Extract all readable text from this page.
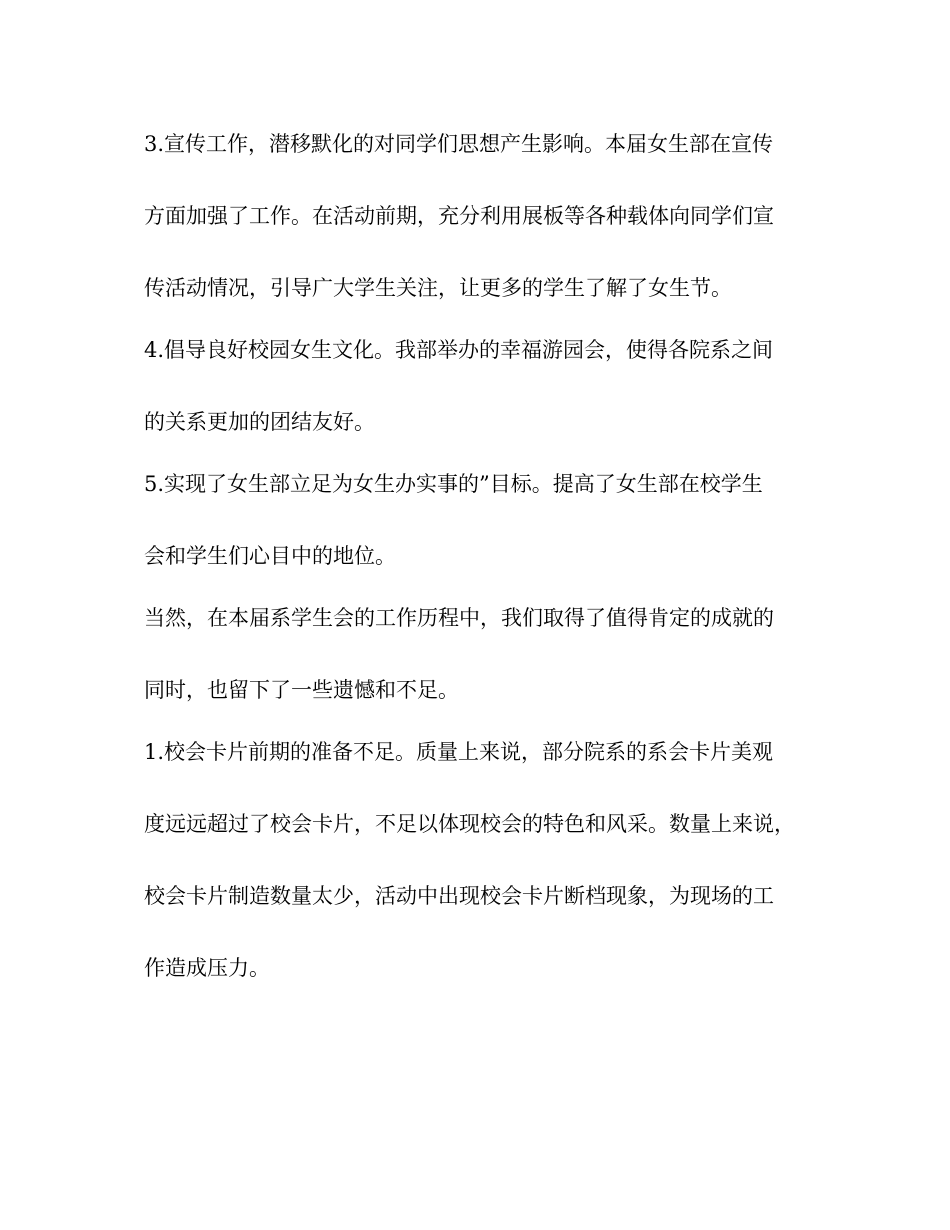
3.宣传工作，潜移默化的对同学们思想产生影响。本届女生部在宣传
方面加强了工作。在活动前期，充分利用展板等各种载体向同学们宣
传活动情况，引导广大学生关注，让更多的学生了解了女生节。
4.倡导良好校园女生文化。我部举办的幸福游园会，使得各院系之间
的关系更加的团结友好。
5.实现了女生部立足为女生办实事的”目标。提高了女生部在校学生
会和学生们心目中的地位。
当然，在本届系学生会的工作历程中，我们取得了值得肯定的成就的
同时，也留下了一些遗憾和不足。
1.校会卡片前期的准备不足。质量上来说，部分院系的系会卡片美观
度远远超过了校会卡片，不足以体现校会的特色和风采。数量上来说，
校会卡片制造数量太少，活动中出现校会卡片断档现象，为现场的工
作造成压力。
